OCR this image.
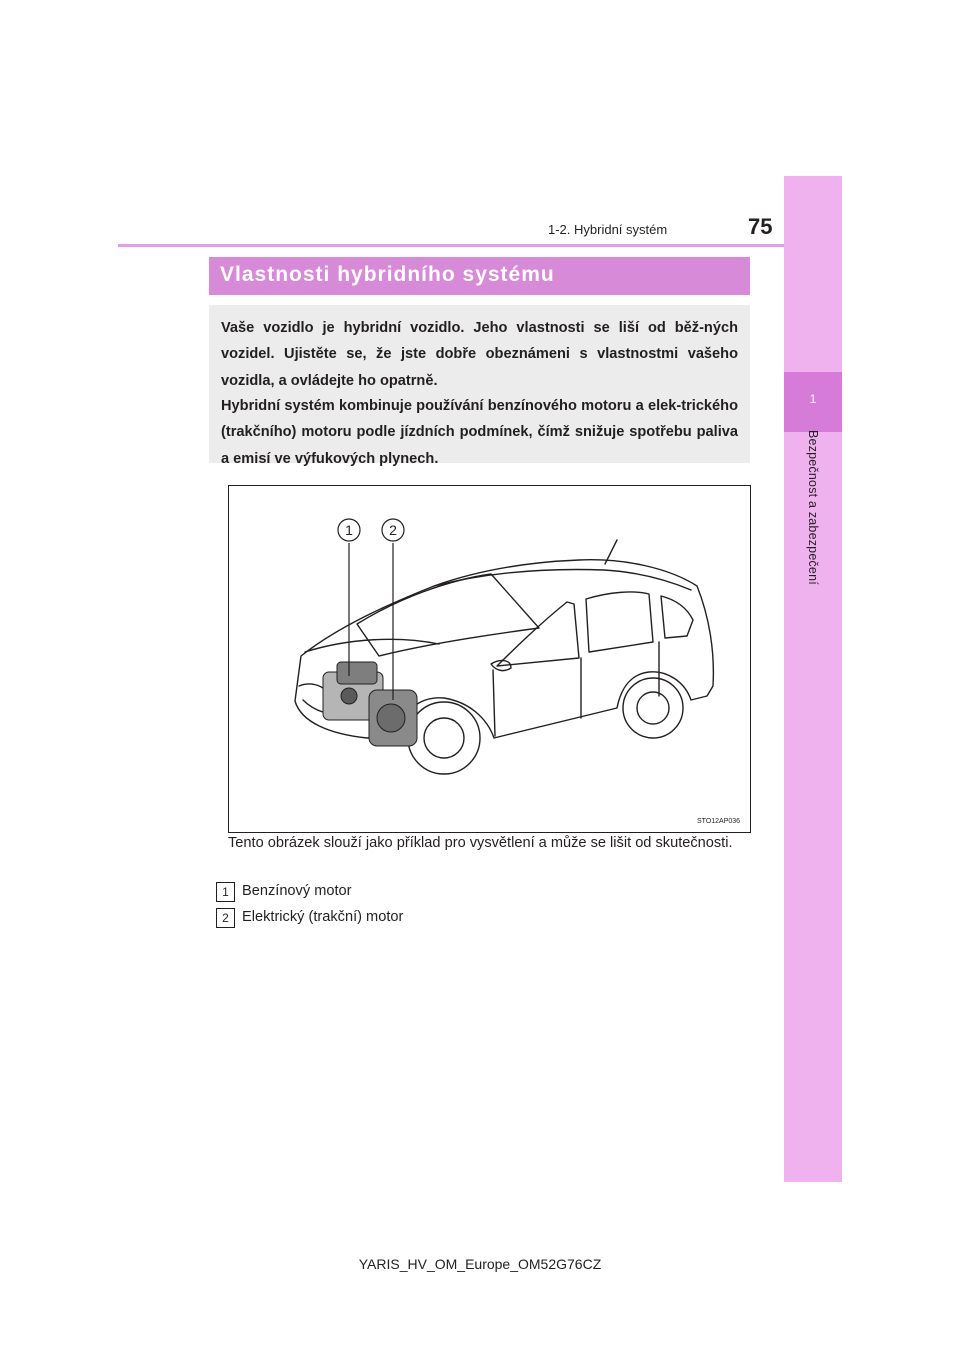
1-2. Hybridní systém	75
1
Bezpečnost a zabezpečení
Vlastnosti hybridního systému

Vaše vozidlo je hybridní vozidlo. Jeho vlastnosti se liší od běž-ných vozidel. Ujistěte se, že jste dobře obeznámeni s vlastnostmi vašeho vozidla, a ovládejte ho opatrně.

Hybridní systém kombinuje používání benzínového motoru a elek-trického (trakčního) motoru podle jízdních podmínek, čímž snižuje spotřebu paliva a emisí ve výfukových plynech.

1	2
STO12AP036

Tento obrázek slouží jako příklad pro vysvětlení a může se lišit od skutečnosti.

1 Benzínový motor
2 Elektrický (trakční) motor
YARIS_HV_OM_Europe_OM52G76CZ
